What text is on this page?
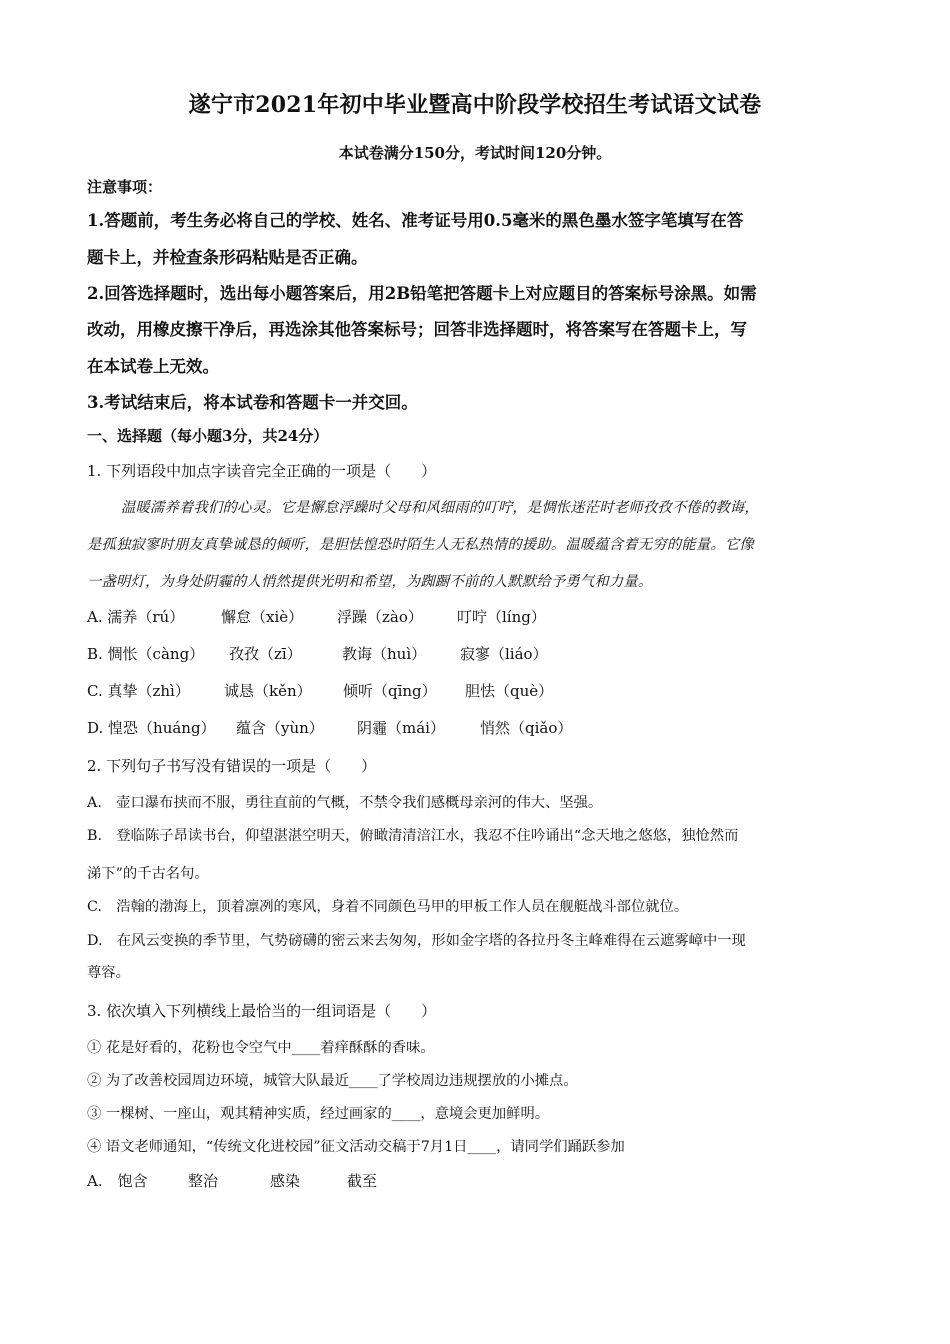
遂宁市2021年初中毕业暨高中阶段学校招生考试语文试卷
本试卷满分150分，考试时间120分钟。
注意事项：
1.答题前，考生务必将自己的学校、姓名、准考证号用0.5毫米的黑色墨水签字笔填写在答
题卡上，并检查条形码粘贴是否正确。
2.回答选择题时，选出每小题答案后，用2B铅笔把答题卡上对应题目的答案标号涂黑。如需
改动，用橡皮擦干净后，再选涂其他答案标号；回答非选择题时，将答案写在答题卡上，写
在本试卷上无效。
3.考试结束后，将本试卷和答题卡一并交回。
一、选择题（每小题3分，共24分）
1. 下列语段中加点字读音完全正确的一项是（　　）
温暖濡养着我们的心灵。它是懈怠浮躁时父母和风细雨的叮咛，是惆怅迷茫时老师孜孜不倦的教诲，
是孤独寂寥时朋友真挚诚恳的倾听，是胆怯惶恐时陌生人无私热情的援助。温暖蕴含着无穷的能量。它像
一盏明灯，为身处阴霾的人悄然提供光明和希望，为踟蹰不前的人默默给予勇气和力量。
A. 濡养（rú） 懈怠（xiè） 浮躁（zào） 叮咛（líng）
B. 惆怅（càng） 孜孜（zī）	教诲（huì） 寂寥（liáo）
C. 真挚（zhì） 诚恳（kěn） 倾听（qīng） 胆怯（què）
D. 惶恐（huáng） 蕴含（yùn） 阴霾（mái） 悄然（qiǎo）
2. 下列句子书写没有错误的一项是（　　）
A.　壶口瀑布挟而不服，勇往直前的气概，不禁令我们感概母亲河的伟大、坚强。
B.　登临陈子昂读书台，仰望湛湛空明天，俯瞰清清涪江水，我忍不住吟诵出“念天地之悠悠，独怆然而
涕下”的千古名句。
C.　浩翰的渤海上，顶着凛冽的寒风，身着不同颜色马甲的甲板工作人员在舰艇战斗部位就位。
D.　在风云变换的季节里，气势磅礴的密云来去匆匆，形如金字塔的各拉丹冬主峰难得在云遮雾嶂中一现
尊容。
3. 依次填入下列横线上最恰当的一组词语是（　　）
① 花是好看的，花粉也令空气中____着痒酥酥的香味。
② 为了改善校园周边环境，城管大队最近____了学校周边违规摆放的小摊点。
③ 一棵树、一座山，观其精神实质，经过画家的____，意境会更加鲜明。
④ 语文老师通知，“传统文化进校园”征文活动交稿于7月1日____，请同学们踊跃参加
A.　饱含	整治	感染	截至
